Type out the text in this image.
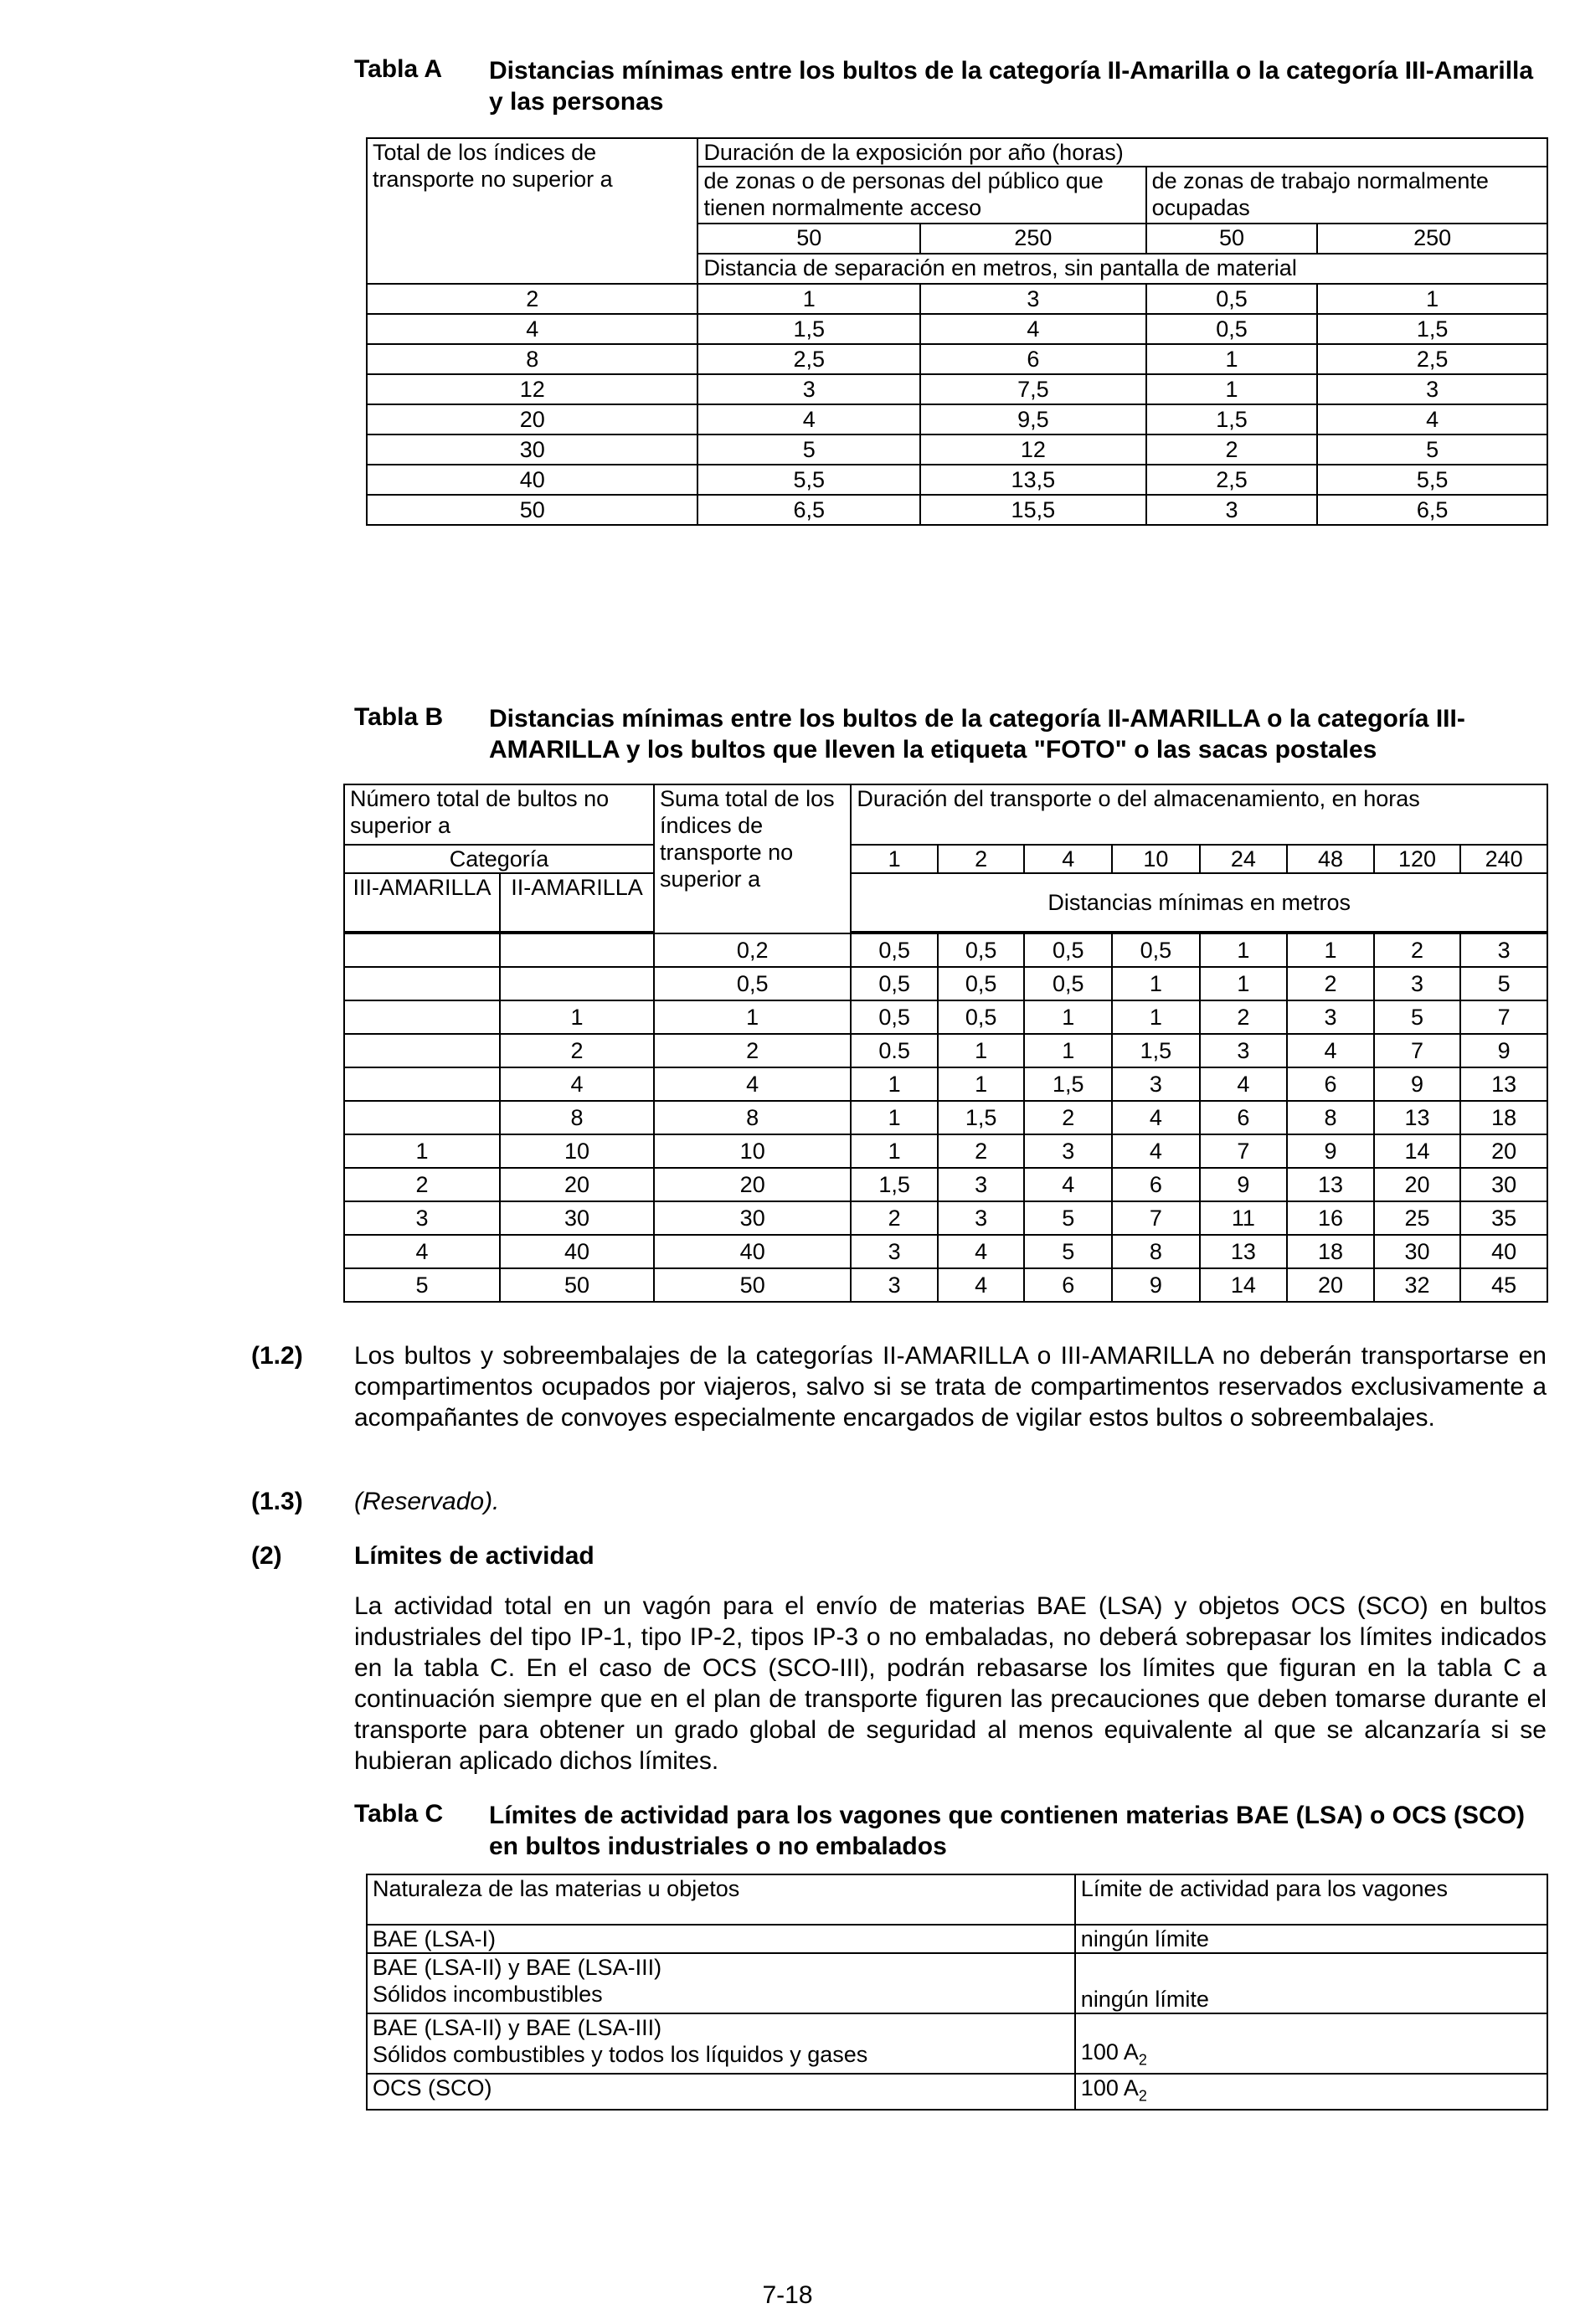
Tabla A Distancias mínimas entre los bultos de la categoría II-Amarilla o la categoría III-Amarilla y las personas
Total de los índices de transporte no superior a	Duración de la exposición por año (horas)			
	de zonas o de personas del público que tienen normalmente acceso		de zonas de trabajo normalmente ocupadas	
	50	250	50	250
	Distancia de separación en metros, sin pantalla de material			
2	1	3	0,5	1
4	1,5	4	0,5	1,5
8	2,5	6	1	2,5
12	3	7,5	1	3
20	4	9,5	1,5	4
30	5	12	2	5
40	5,5	13,5	2,5	5,5
50	6,5	15,5	3	6,5
Tabla B Distancias mínimas entre los bultos de la categoría II-AMARILLA o la categoría III-AMARILLA y los bultos que lleven la etiqueta "FOTO" o las sacas postales
Número total de bultos no superior a		Suma total de los índices de transporte no superior a	Duración del transporte o del almacenamiento, en horas							
Categoría			1	2	4	10	24	48	120	240
III-AMARILLA	II-AMARILLA		Distancias mínimas en metros							

		0,2	0,5	0,5	0,5	0,5	1	1	2	3
		0,5	0,5	0,5	0,5	1	1	2	3	5
	1	1	0,5	0,5	1	1	2	3	5	7
	2	2	0.5	1	1	1,5	3	4	7	9
	4	4	1	1	1,5	3	4	6	9	13
	8	8	1	1,5	2	4	6	8	13	18
1	10	10	1	2	3	4	7	9	14	20
2	20	20	1,5	3	4	6	9	13	20	30
3	30	30	2	3	5	7	11	16	25	35
4	40	40	3	4	5	8	13	18	30	40
5	50	50	3	4	6	9	14	20	32	45
(1.2) Los bultos y sobreembalajes de la categorías II-AMARILLA o III-AMARILLA no deberán transportarse en compartimentos ocupados por viajeros, salvo si se trata de compartimentos reservados exclusivamente a acompañantes de convoyes especialmente encargados de vigilar estos bultos o sobreembalajes.
(1.3) (Reservado).
(2)	Límites de actividad
La actividad total en un vagón para el envío de materias BAE (LSA) y objetos OCS (SCO) en bultos industriales del tipo IP-1, tipo IP-2, tipos IP-3 o no embaladas, no deberá sobrepasar los límites indicados en la tabla C. En el caso de OCS (SCO-III), podrán rebasarse los límites que figuran en la tabla C a continuación siempre que en el plan de transporte figuren las precauciones que deben tomarse durante el transporte para obtener un grado global de seguridad al menos equivalente al que se alcanzaría si se hubieran aplicado dichos límites.
Tabla C Límites de actividad para los vagones que contienen materias BAE (LSA) o OCS (SCO) en bultos industriales o no embalados
Naturaleza de las materias u objetos	Límite de actividad para los vagones
BAE (LSA-I)	ningún límite

BAE (LSA-II) y BAE (LSA-III)
Sólidos incombustibles	ningún límite

BAE (LSA-II) y BAE (LSA-III)
Sólidos combustibles y todos los líquidos y gases	100 $A_2$
OCS (SCO)	100 $A_2$
7-18
